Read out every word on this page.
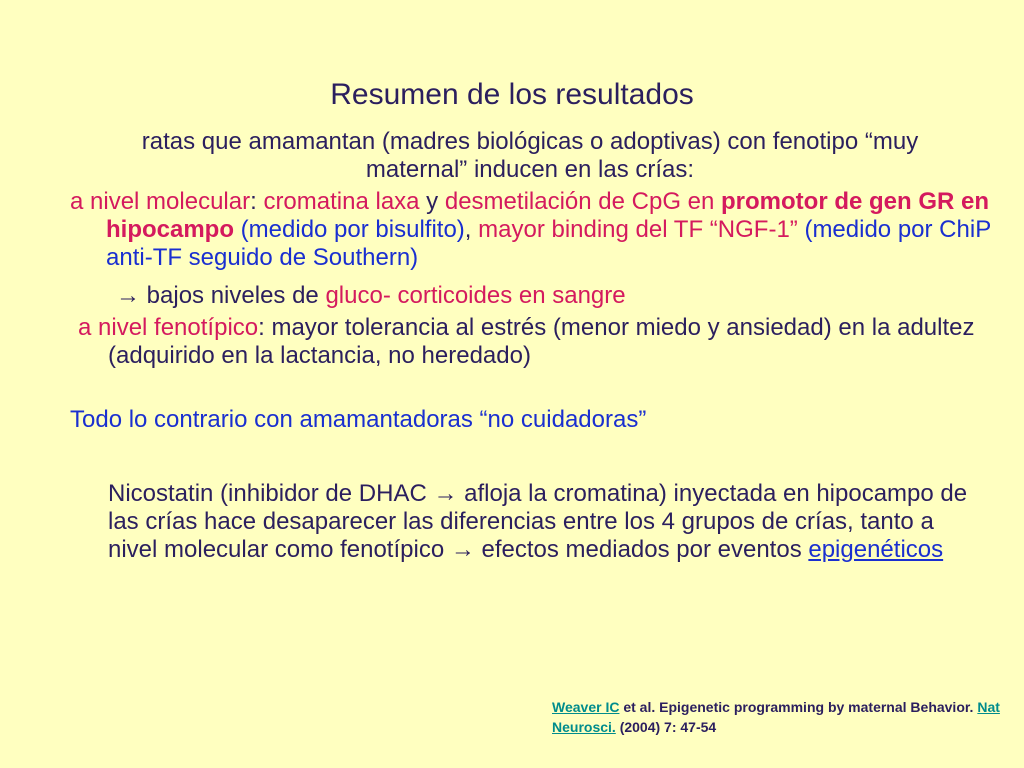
Resumen de los resultados
ratas que amamantan (madres biológicas o adoptivas) con fenotipo “muy maternal” inducen en las crías:
a nivel molecular: cromatina laxa y desmetilación de CpG en promotor de gen GR en hipocampo (medido por bisulfito), mayor binding del TF “NGF-1” (medido por ChiP anti-TF seguido de Southern)
→ bajos niveles de gluco- corticoides en sangre
a nivel fenotípico: mayor tolerancia al estrés (menor miedo y ansiedad) en la adultez (adquirido en la lactancia, no heredado)
Todo lo contrario con amamantadoras “no cuidadoras”
Nicostatin (inhibidor de DHAC → afloja la cromatina) inyectada en hipocampo de las crías hace desaparecer las diferencias entre los 4 grupos de crías, tanto a nivel molecular como fenotípico → efectos mediados por eventos epigenéticos
Weaver IC et al. Epigenetic programming by maternal Behavior. Nat Neurosci. (2004) 7: 47-54
